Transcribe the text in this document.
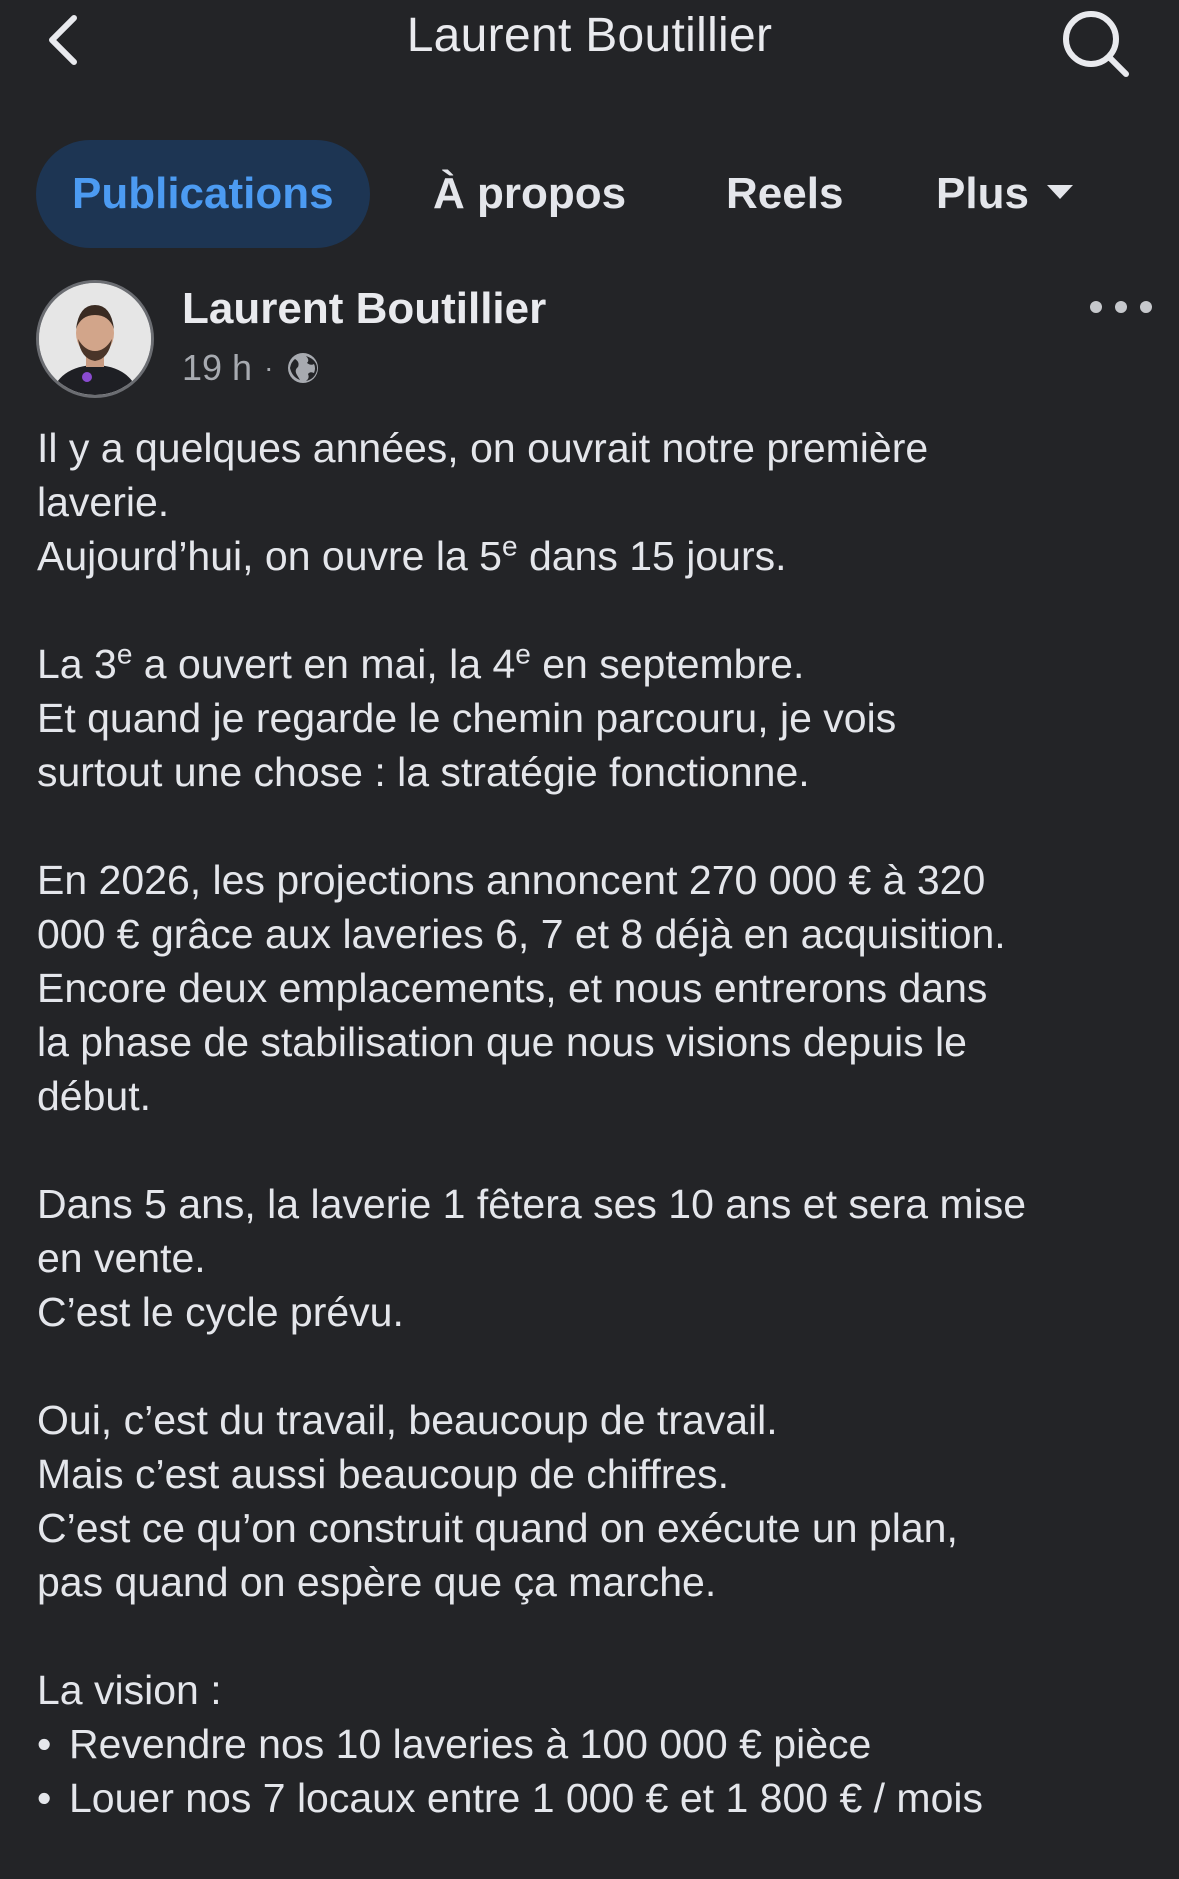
Laurent Boutillier
Publications	À propos Reels Plus
Laurent Boutillier
19 h ·

Il y a quelques années, on ouvrait notre première
laverie.
Aujourd’hui, on ouvre la 5e dans 15 jours.

La 3e a ouvert en mai, la 4e en septembre.
Et quand je regarde le chemin parcouru, je vois
surtout une chose : la stratégie fonctionne.

En 2026, les projections annoncent 270 000 € à 320
000 € grâce aux laveries 6, 7 et 8 déjà en acquisition.
Encore deux emplacements, et nous entrerons dans
la phase de stabilisation que nous visions depuis le
début.

Dans 5 ans, la laverie 1 fêtera ses 10 ans et sera mise
en vente.
C’est le cycle prévu.

Oui, c’est du travail, beaucoup de travail.
Mais c’est aussi beaucoup de chiffres.
C’est ce qu’on construit quand on exécute un plan,
pas quand on espère que ça marche.

La vision :
• Revendre nos 10 laveries à 100 000 € pièce
• Louer nos 7 locaux entre 1 000 € et 1 800 € / mois
